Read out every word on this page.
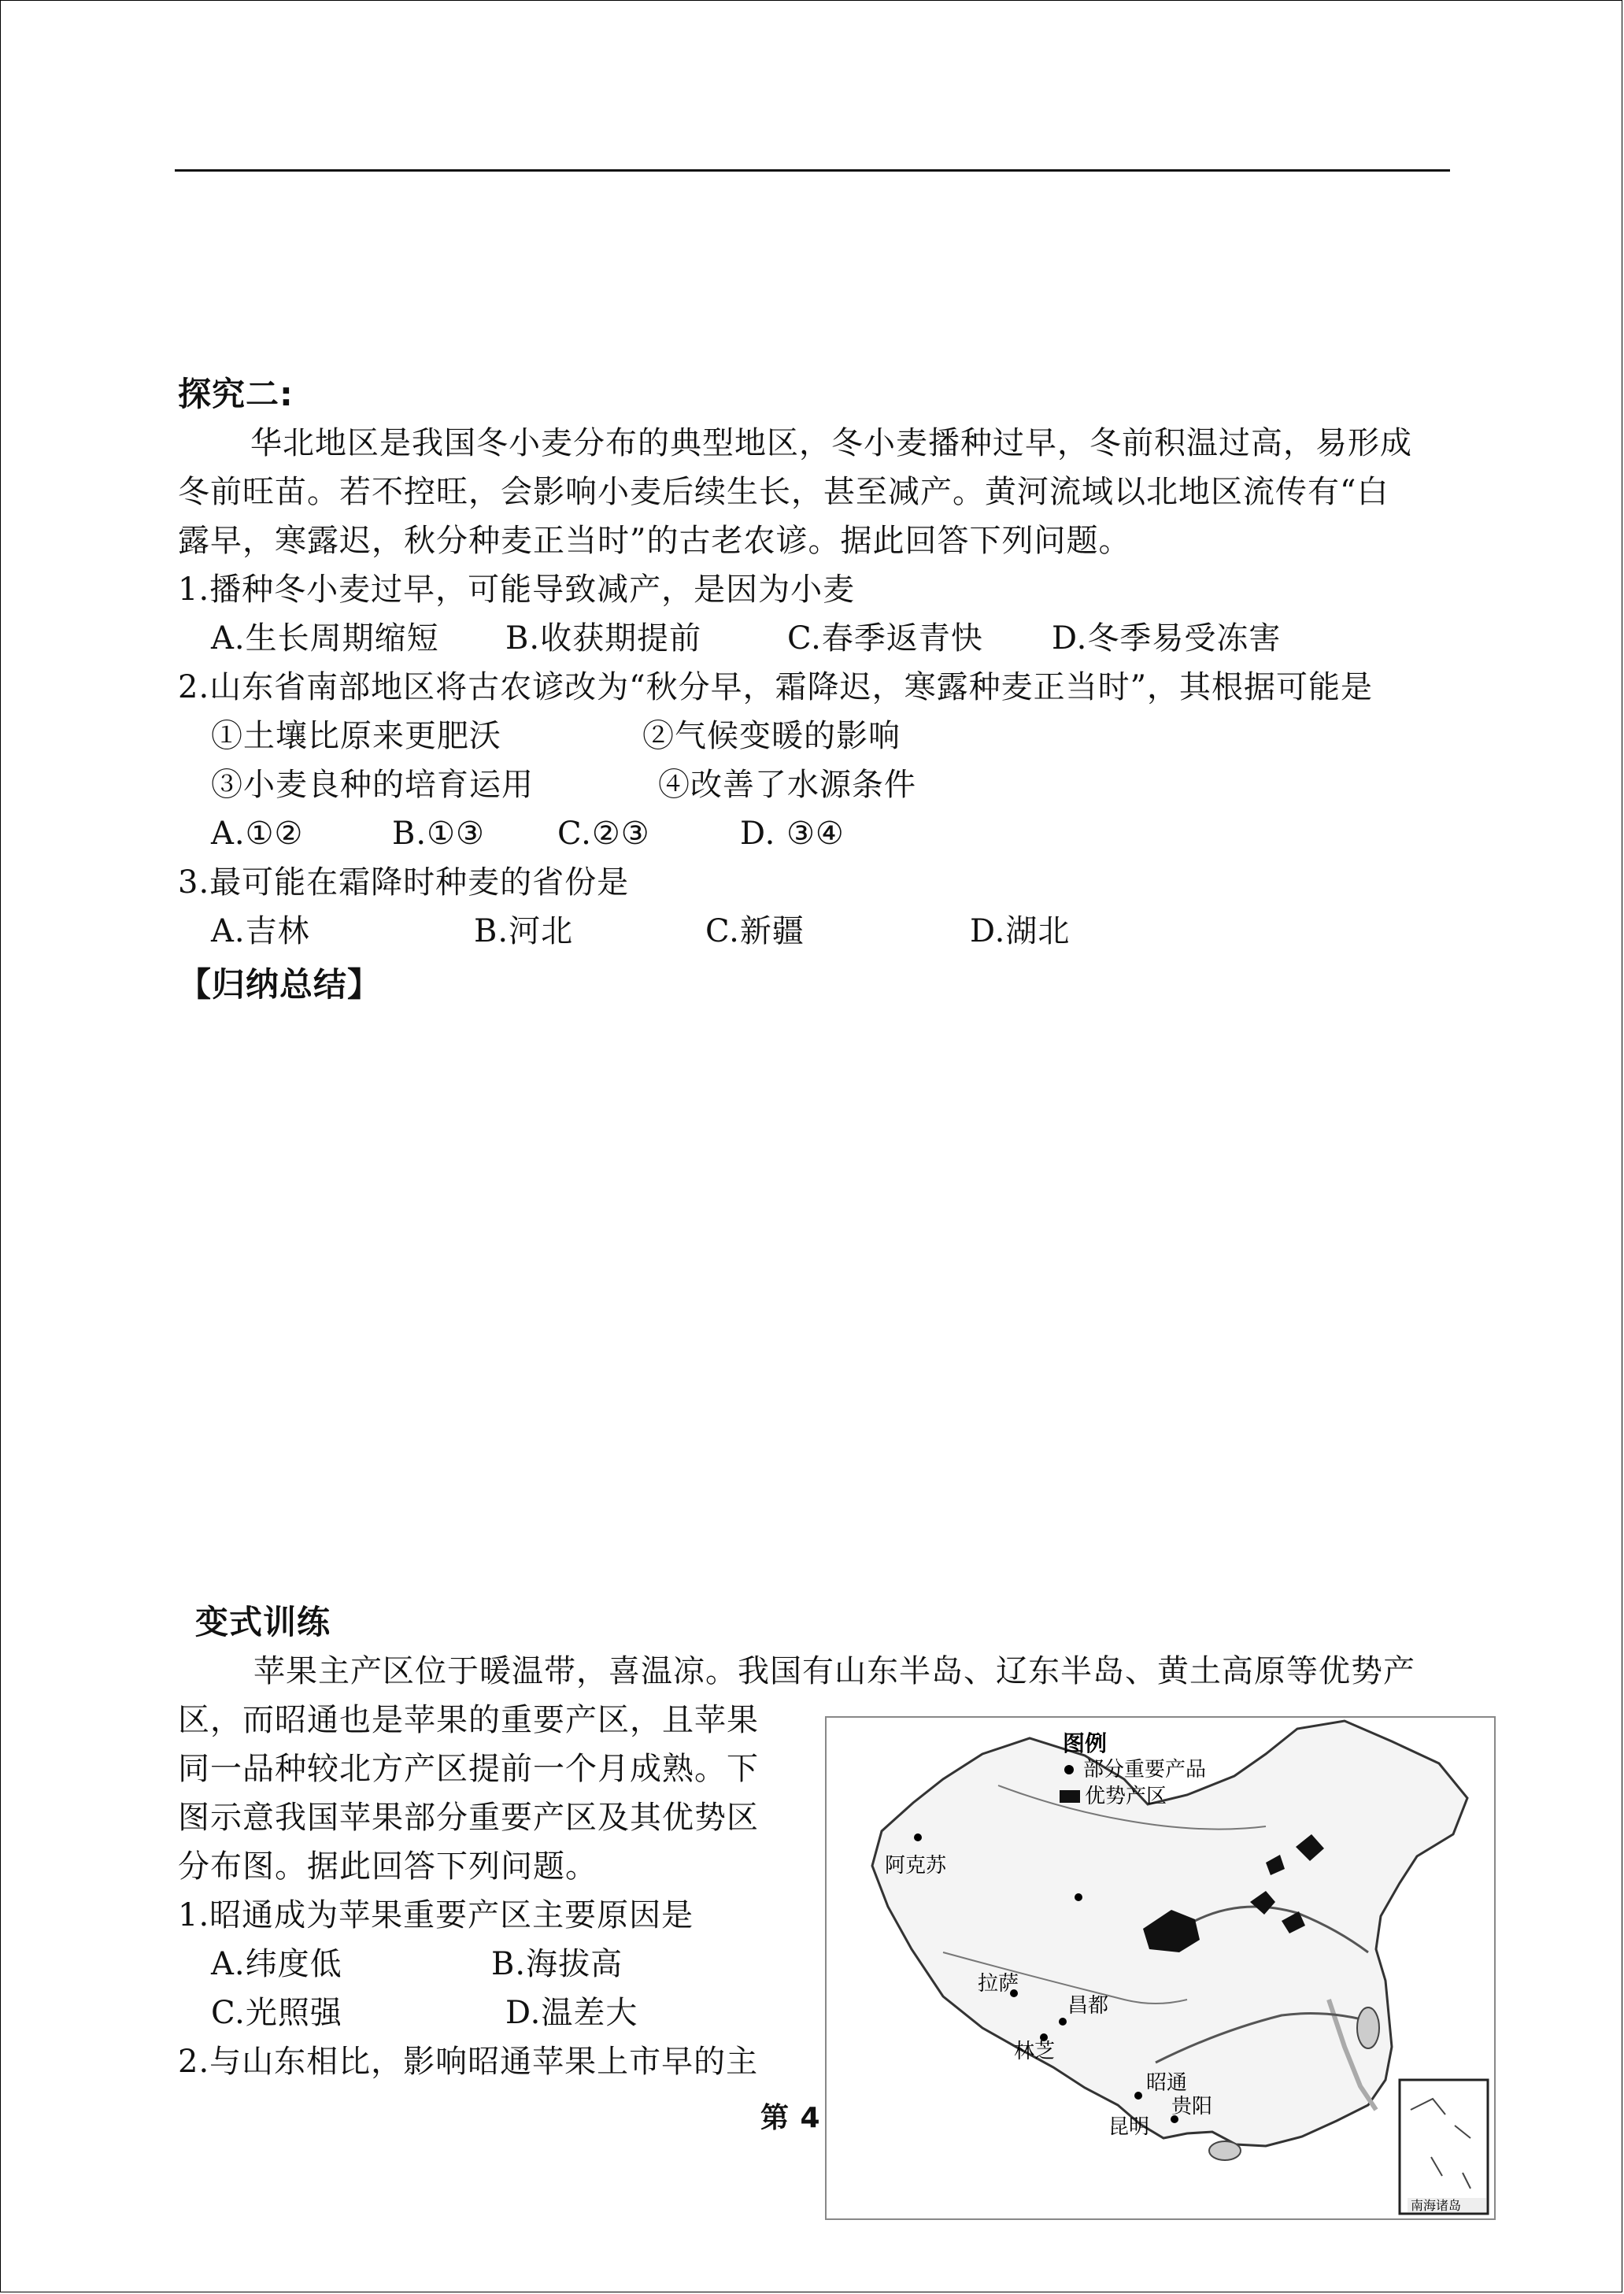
探究二:
华北地区是我国冬小麦分布的典型地区，冬小麦播种过早，冬前积温过高，易形成
冬前旺苗。若不控旺，会影响小麦后续生长，甚至减产。黄河流域以北地区流传有“白
露早，寒露迟，秋分种麦正当时”的古老农谚。据此回答下列问题。
1.播种冬小麦过早，可能导致减产，是因为小麦
A.生长周期缩短 B.收获期提前	C.春季返青快 D.冬季易受冻害
2.山东省南部地区将古农谚改为“秋分早，霜降迟，寒露种麦正当时”，其根据可能是
①土壤比原来更肥沃	②气候变暖的影响
③小麦良种的培育运用	④改善了水源条件
A.①②	B.①③ C.②③	D. ③④
3.最可能在霜降时种麦的省份是
A.吉林	B.河北	C.新疆	D.湖北
【归纳总结】
变式训练
苹果主产区位于暖温带，喜温凉。我国有山东半岛、辽东半岛、黄土高原等优势产
区，而昭通也是苹果的重要产区，且苹果
同一品种较北方产区提前一个月成熟。下
图示意我国苹果部分重要产区及其优势区
分布图。据此回答下列问题。
1.昭通成为苹果重要产区主要原因是
A.纬度低	B.海拔高
C.光照强	D.温差大
2.与山东相比，影响昭通苹果上市早的主
第 4
图例
部分重要产品
优势产区
阿克苏
拉萨
林芝
昌都
昭通
贵阳
昆明
南海诸岛
